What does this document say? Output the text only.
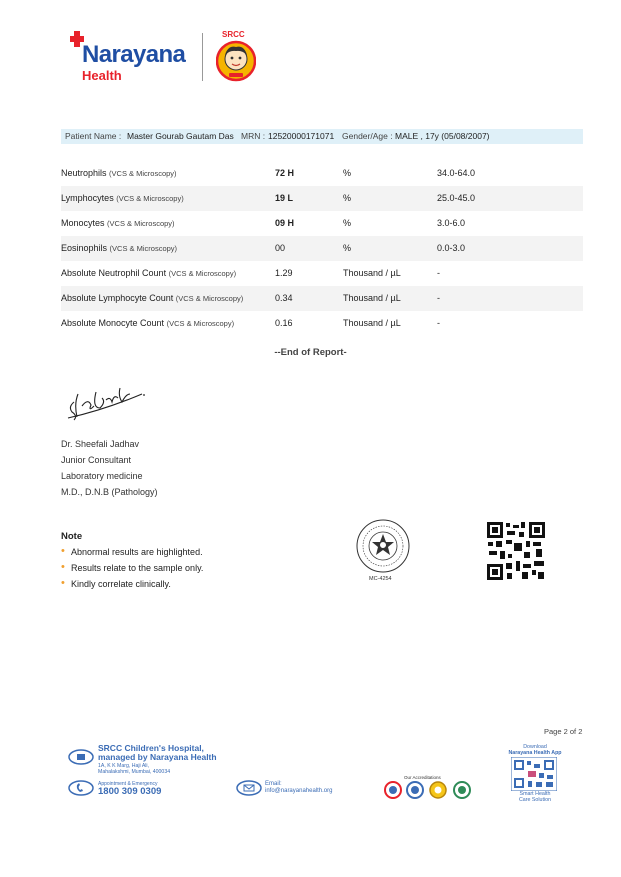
Narayana
Health
SRCC
Patient Name : Master Gourab Gautam Das MRN : 12520000171071 Gender/Age : MALE , 17y (05/08/2007)
Neutrophils (VCS & Microscopy)	72 H	%	34.0-64.0
Lymphocytes (VCS & Microscopy)	19 L	%	25.0-45.0
Monocytes (VCS & Microscopy)	09 H	%	3.0-6.0
Eosinophils (VCS & Microscopy)	00	%	0.0-3.0
Absolute Neutrophil Count (VCS & Microscopy)	1.29	Thousand / µL	-
Absolute Lymphocyte Count (VCS & Microscopy)	0.34	Thousand / µL	-
Absolute Monocyte Count (VCS & Microscopy)	0.16	Thousand / µL	-
--End of Report-
Dr. Sheefali Jadhav
Junior Consultant
Laboratory medicine
M.D., D.N.B (Pathology)
Note
• Abnormal results are highlighted.
• Results relate to the sample only.
• Kindly correlate clinically.	MC-4254
Page 2 of 2
SRCC Children's Hospital,
managed by Narayana Health
1A, K K Marg, Haji Ali,
Mahalakshmi, Mumbai, 400034
Appointment & Emergency
1800 309 0309
Email:
info@narayanahealth.org
Our Accreditations
Download
Narayana Health App
Smart Health
Care Solution
